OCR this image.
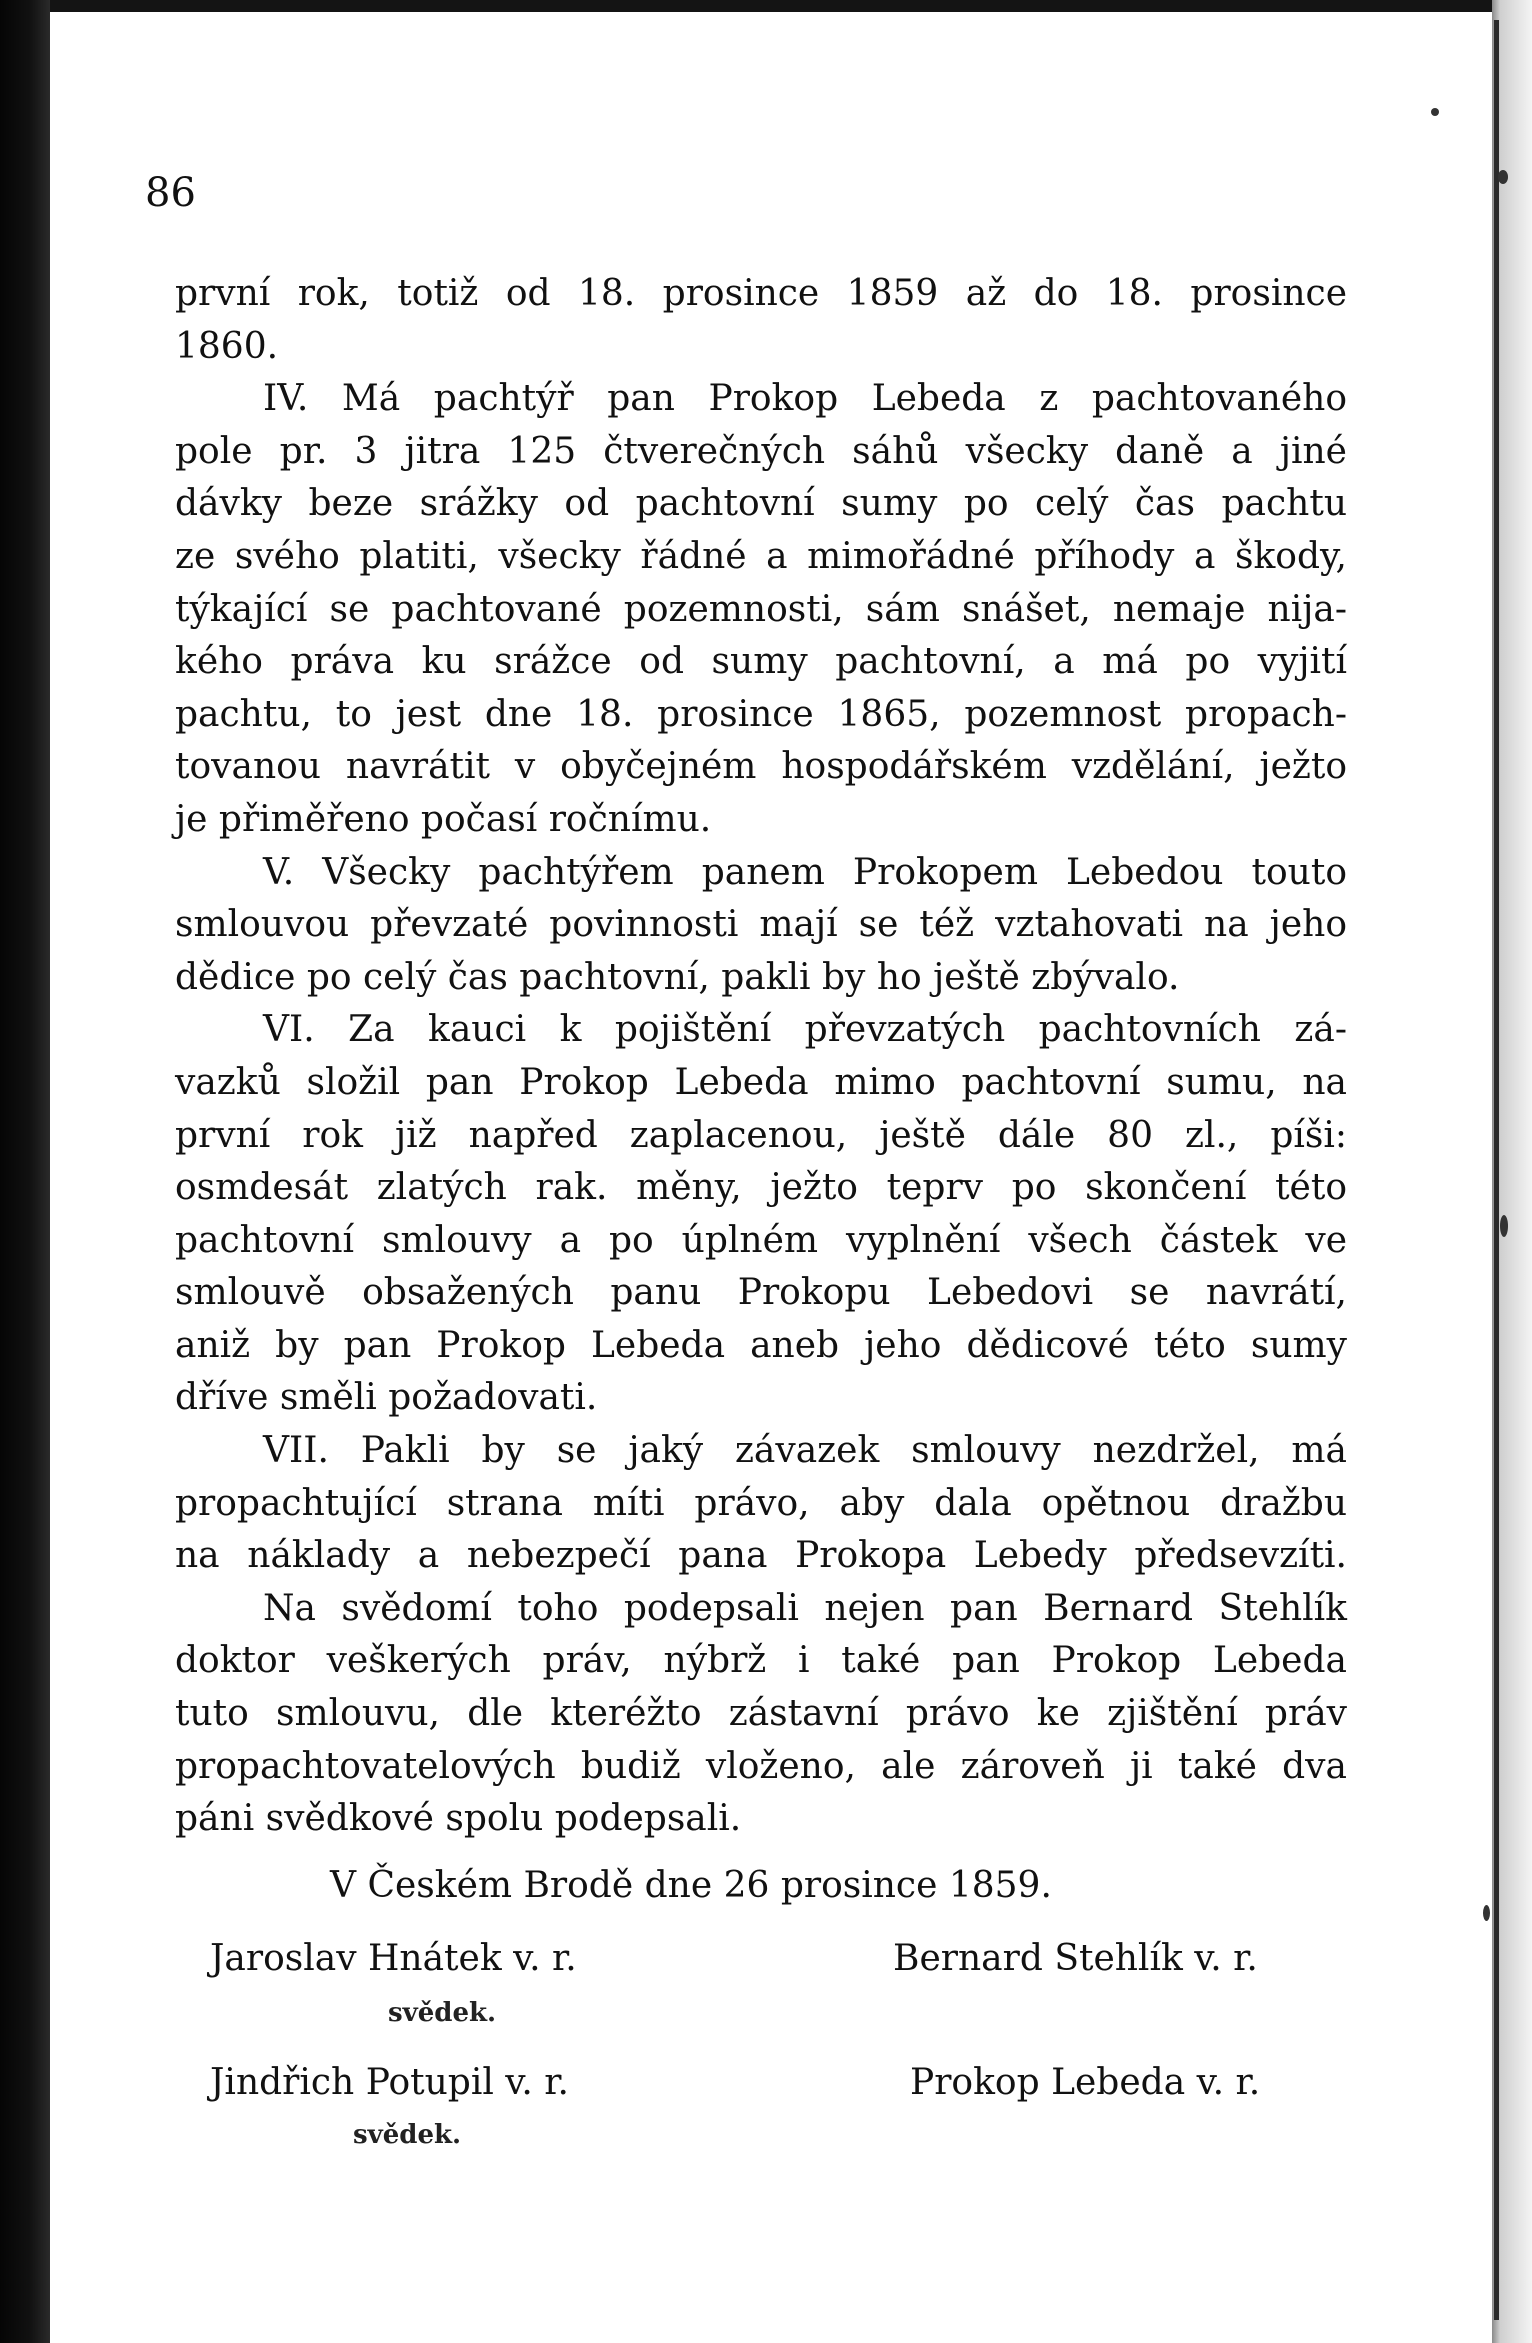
86
první rok, totiž od 18. prosince 1859 až do 18. prosince
1860.
IV. Má pachtýř pan Prokop Lebeda z pachtovaného
pole pr. 3 jitra 125 čtverečných sáhů všecky daně a jiné
dávky beze srážky od pachtovní sumy po celý čas pachtu
ze svého platiti, všecky řádné a mimořádné příhody a škody,
týkající se pachtované pozemnosti, sám snášet, nemaje nija-
kého práva ku srážce od sumy pachtovní, a má po vyjití
pachtu, to jest dne 18. prosince 1865, pozemnost propach-
tovanou navrátit v obyčejném hospodářském vzdělání, ježto
je přiměřeno počasí ročnímu.
V. Všecky pachtýřem panem Prokopem Lebedou touto
smlouvou převzaté povinnosti mají se též vztahovati na jeho
dědice po celý čas pachtovní, pakli by ho ještě zbývalo.
VI. Za kauci k pojištění převzatých pachtovních zá-
vazků složil pan Prokop Lebeda mimo pachtovní sumu, na
první rok již napřed zaplacenou, ještě dále 80 zl., píši:
osmdesát zlatých rak. měny, ježto teprv po skončení této
pachtovní smlouvy a po úplném vyplnění všech částek ve
smlouvě obsažených panu Prokopu Lebedovi se navrátí,
aniž by pan Prokop Lebeda aneb jeho dědicové této sumy
dříve směli požadovati.
VII. Pakli by se jaký závazek smlouvy nezdržel, má
propachtující strana míti právo, aby dala opětnou dražbu
na náklady a nebezpečí pana Prokopa Lebedy předsevzíti.
Na svědomí toho podepsali nejen pan Bernard Stehlík
doktor veškerých práv, nýbrž i také pan Prokop Lebeda
tuto smlouvu, dle kteréžto zástavní právo ke zjištění práv
propachtovatelových budiž vloženo, ale zároveň ji také dva
páni svědkové spolu podepsali.
V Českém Brodě dne 26 prosince 1859.
Jaroslav Hnátek v. r.
svědek.
Bernard Stehlík v. r.
Jindřich Potupil v. r.
svědek.
Prokop Lebeda v. r.
